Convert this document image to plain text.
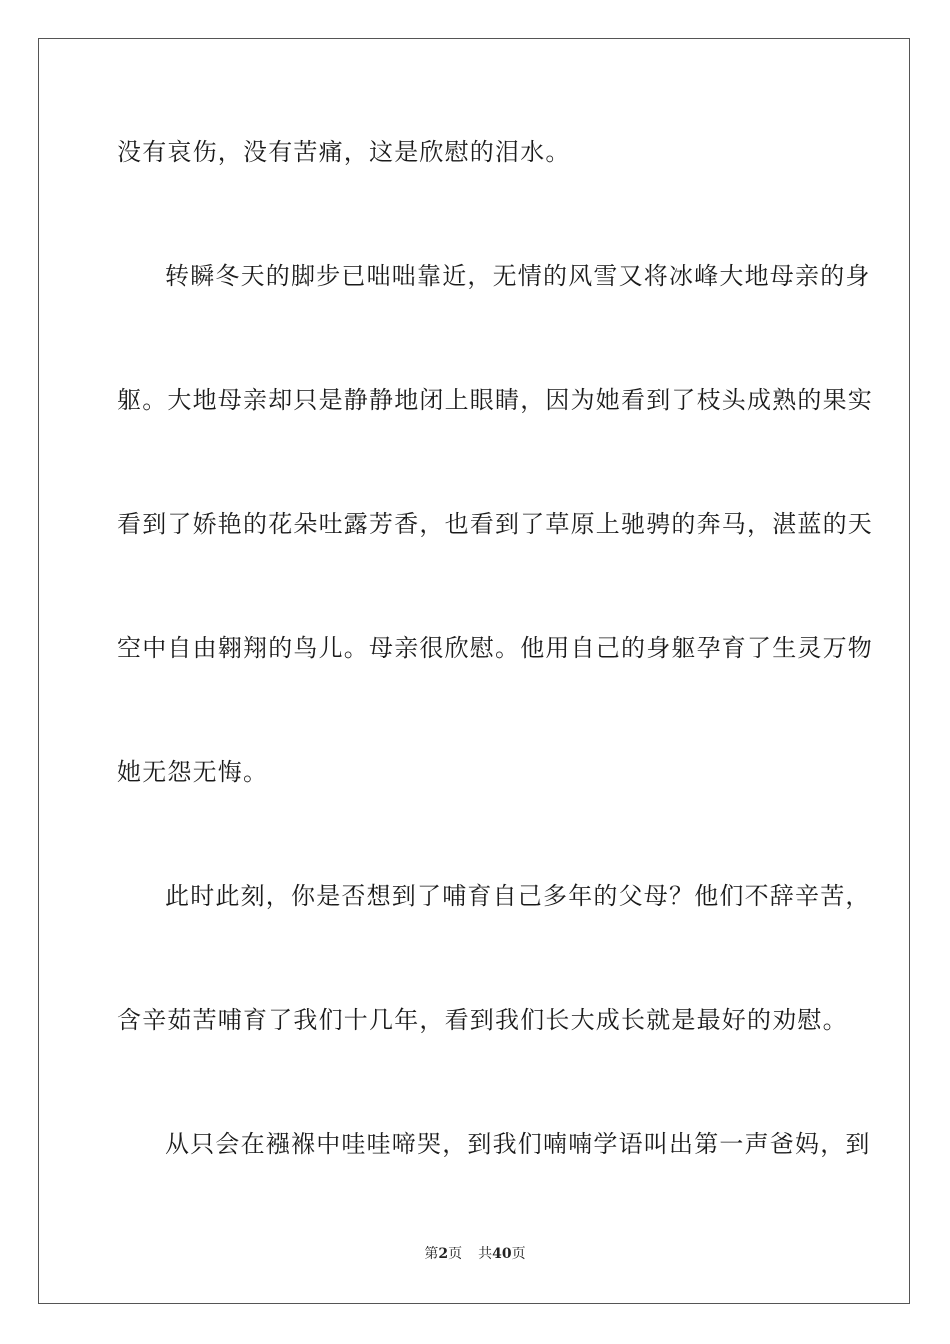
没有哀伤，没有苦痛，这是欣慰的泪水。
转瞬冬天的脚步已咄咄靠近，无情的风雪又将冰峰大地母亲的身
躯。大地母亲却只是静静地闭上眼睛，因为她看到了枝头成熟的果实
看到了娇艳的花朵吐露芳香，也看到了草原上驰骋的奔马，湛蓝的天
空中自由翱翔的鸟儿。母亲很欣慰。他用自己的身躯孕育了生灵万物
她无怨无悔。
此时此刻，你是否想到了哺育自己多年的父母？他们不辞辛苦，
含辛茹苦哺育了我们十几年，看到我们长大成长就是最好的劝慰。
从只会在襁褓中哇哇啼哭，到我们喃喃学语叫出第一声爸妈，到
第2页 共40页
